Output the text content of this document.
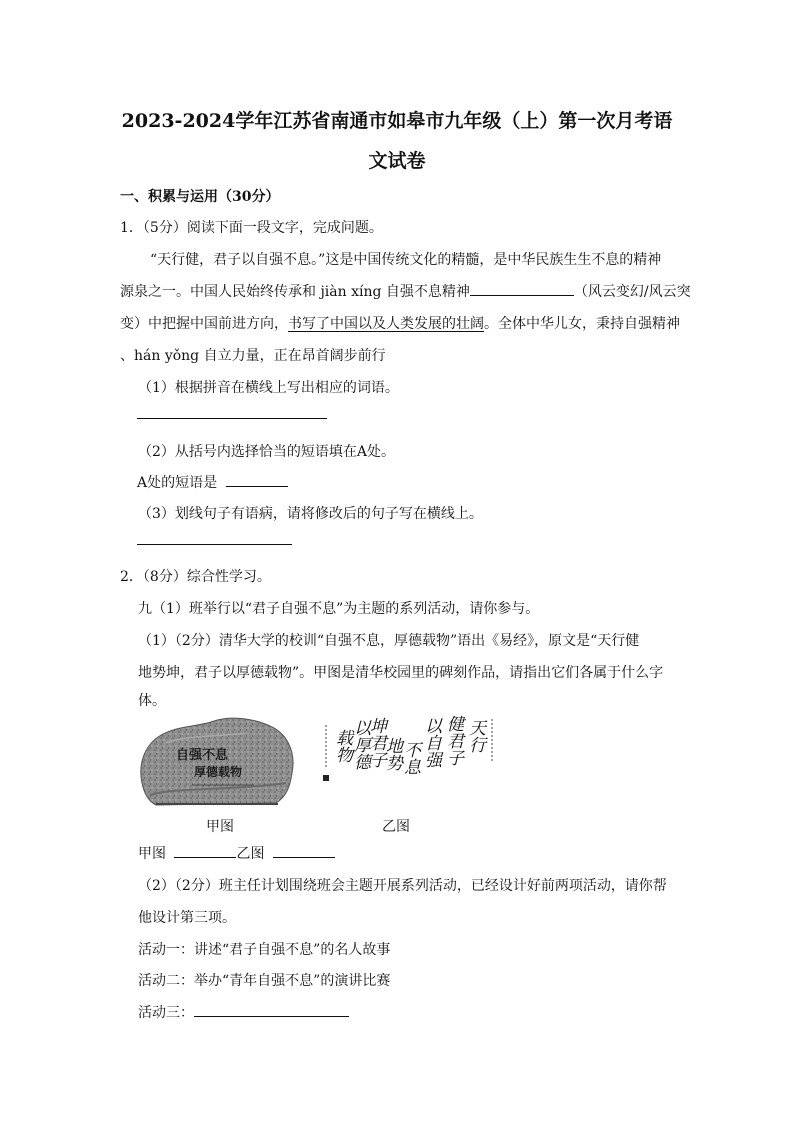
2023-2024学年江苏省南通市如皋市九年级（上）第一次月考语
文试卷
一、积累与运用（30分）
1．（5分）阅读下面一段文字，完成问题。
“天行健，君子以自强不息。”这是中国传统文化的精髓，是中华民族生生不息的精神
源泉之一。中国人民始终传承和 jiàn xíng 自强不息精神	（风云变幻/风云突
变）中把握中国前进方向，书写了中国以及人类发展的壮阔。全体中华儿女，秉持自强精神
、hán yǒng 自立力量，正在昂首阔步前行
（1）根据拼音在横线上写出相应的词语。
（2）从括号内选择恰当的短语填在A处。
A处的短语是
（3）划线句子有语病，请将修改后的句子写在横线上。
2．（8分）综合性学习。
九（1）班举行以“君子自强不息”为主题的系列活动，请你参与。
（1）（2分）清华大学的校训“自强不息，厚德载物”语出《易经》，原文是“天行健
地势坤，君子以厚德载物”。甲图是清华校园里的碑刻作品，请指出它们各属于什么字
体。
自强不息
厚德载物
天行
健君子
以自强
不息
地势
坤君子
以厚德
载物
甲图	乙图
甲图	乙图
（2）（2分）班主任计划围绕班会主题开展系列活动，已经设计好前两项活动，请你帮
他设计第三项。
活动一：讲述“君子自强不息”的名人故事
活动二：举办“青年自强不息”的演讲比赛
活动三：
